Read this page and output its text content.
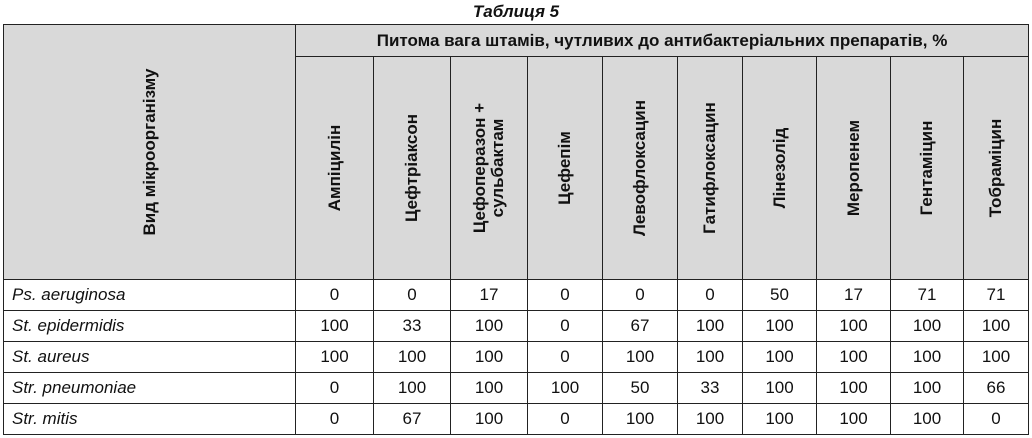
Таблиця 5
Вид мікроорганізму	Питома вага штамів, чутливих до антибактеріальних препаратів, %									

	Ампіцилін	Цефтріаксон	Цефоперазон + сульбактам	Цефепім	Левофлоксацин	Гатифлоксацин	Лінезолід	Меропенем	Гентаміцин	Тобраміцин

Ps. aeruginosa	0	0	17	0	0	0	50	17	71	71
St. epidermidis	100	33	100	0	67	100	100	100	100	100
St. aureus	100	100	100	0	100	100	100	100	100	100
Str. pneumoniae	0	100	100	100	50	33	100	100	100	66
Str. mitis	0	67	100	0	100	100	100	100	100	0
